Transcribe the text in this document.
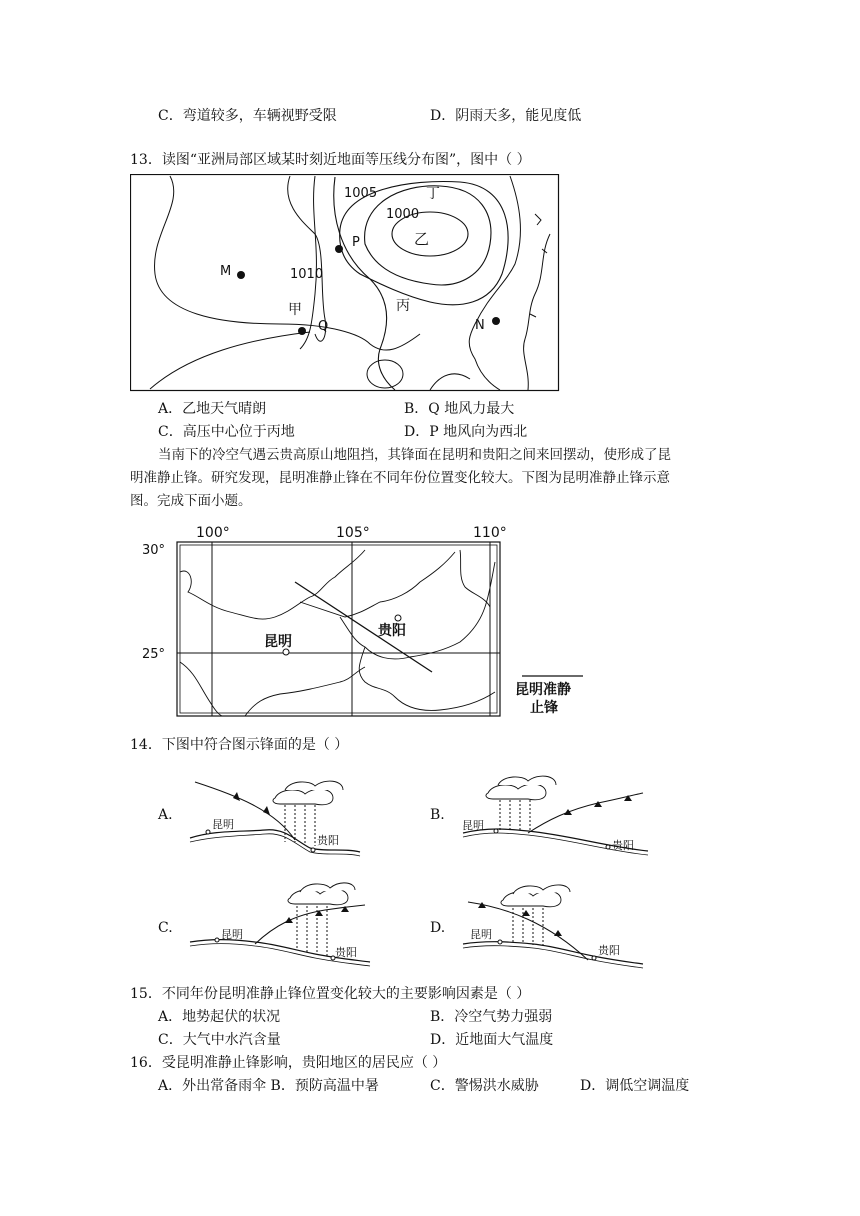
C．弯道较多，车辆视野受限	D．阴雨天多，能见度低
13．读图“亚洲局部区域某时刻近地面等压线分布图”，图中（ ）
1005
1000
1010
丁
乙
丙
甲
M
P
Q	N
A．乙地天气晴朗	B．Q 地风力最大
C．高压中心位于丙地	D．P 地风向为西北
当南下的冷空气遇云贵高原山地阻挡，其锋面在昆明和贵阳之间来回摆动，使形成了昆
明准静止锋。研究发现，昆明准静止锋在不同年份位置变化较大。下图为昆明准静止锋示意
图。完成下面小题。
100°	105°	110°
30°
25°
贵阳
昆明
昆明准静
止锋
14．下图中符合图示锋面的是（ ）
A.
昆明
贵阳
B.
昆明
贵阳
C.	昆明
贵阳
D. 昆明
贵阳
15．不同年份昆明准静止锋位置变化较大的主要影响因素是（ ）
A．地势起伏的状况	B．冷空气势力强弱
C．大气中水汽含量	D．近地面大气温度
16．受昆明准静止锋影响，贵阳地区的居民应（ ）
A．外出常备雨伞 B．预防高温中暑	C．警惕洪水威胁	D．调低空调温度
